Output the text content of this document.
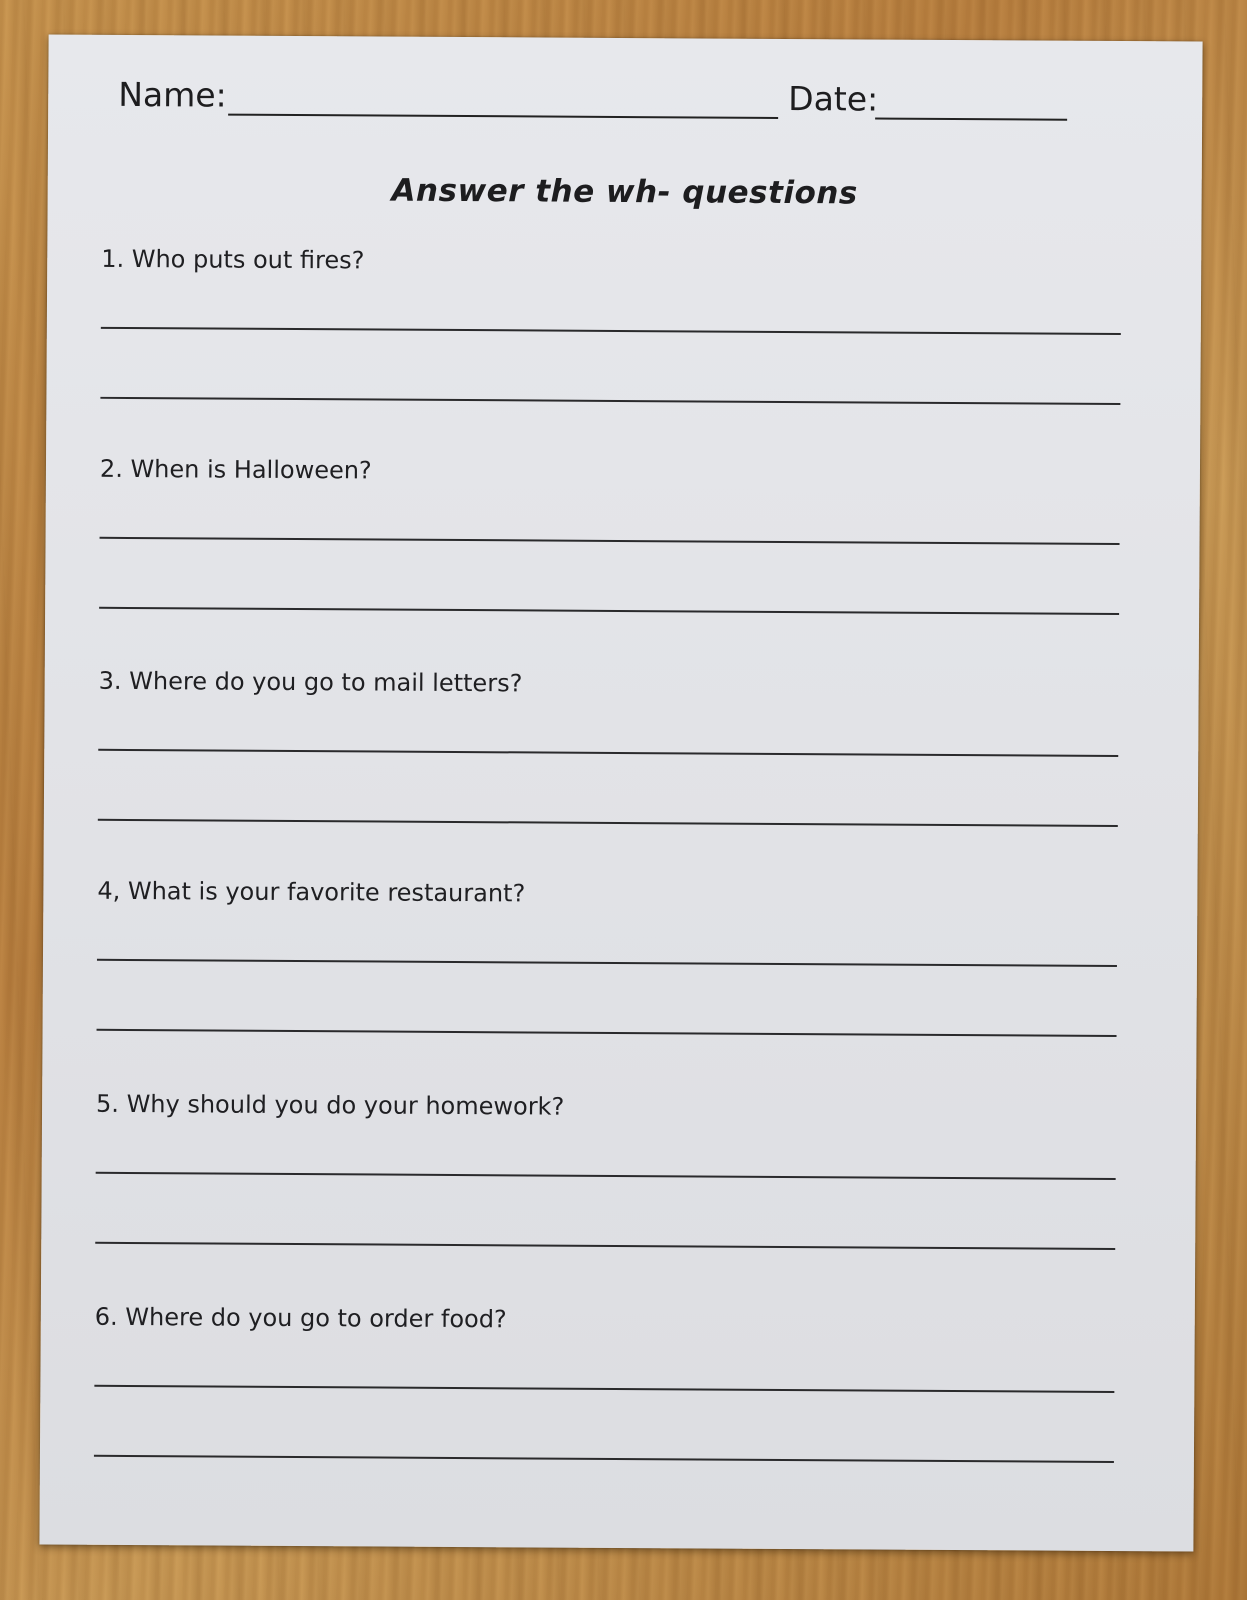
Name:	Date:
Answer the wh- questions
1. Who puts out fires?
2. When is Halloween?
3. Where do you go to mail letters?
4, What is your favorite restaurant?
5. Why should you do your homework?
6. Where do you go to order food?
